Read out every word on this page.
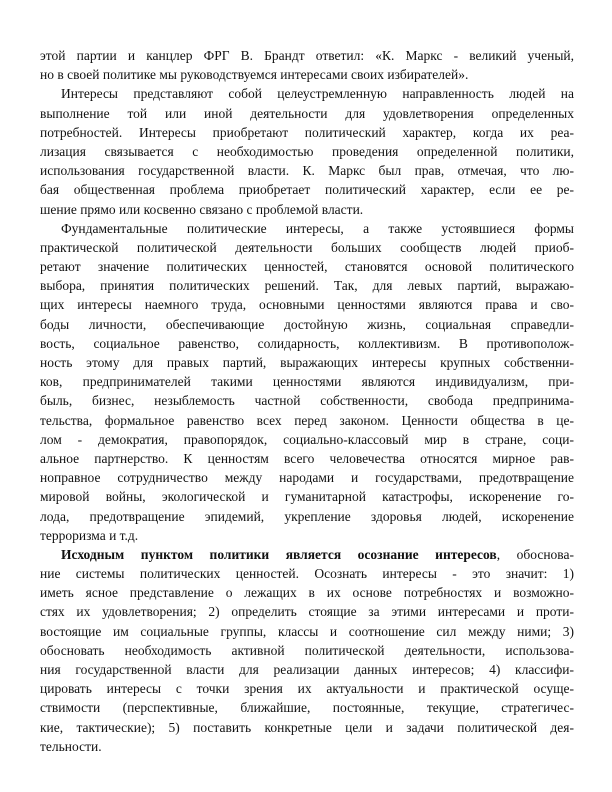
этой партии и канцлер ФРГ В. Брандт ответил: «К. Маркс - великий ученый,
но в своей политике мы руководствуемся интересами своих избирателей».
Интересы представляют собой целеустремленную направленность людей на
выполнение той или иной деятельности для удовлетворения определенных
потребностей. Интересы приобретают политический характер, когда их реа-
лизация связывается с необходимостью проведения определенной политики,
использования государственной власти. К. Маркс был прав, отмечая, что лю-
бая общественная проблема приобретает политический характер, если ее ре-
шение прямо или косвенно связано с проблемой власти.
Фундаментальные политические интересы, а также устоявшиеся формы
практической политической деятельности больших сообществ людей приоб-
ретают значение политических ценностей, становятся основой политического
выбора, принятия политических решений. Так, для левых партий, выражаю-
щих интересы наемного труда, основными ценностями являются права и сво-
боды личности, обеспечивающие достойную жизнь, социальная справедли-
вость, социальное равенство, солидарность, коллективизм. В противополож-
ность этому для правых партий, выражающих интересы крупных собственни-
ков, предпринимателей такими ценностями являются индивидуализм, при-
быль, бизнес, незыблемость частной собственности, свобода предпринима-
тельства, формальное равенство всех перед законом. Ценности общества в це-
лом - демократия, правопорядок, социально-классовый мир в стране, соци-
альное партнерство. К ценностям всего человечества относятся мирное рав-
ноправное сотрудничество между народами и государствами, предотвращение
мировой войны, экологической и гуманитарной катастрофы, искоренение го-
лода, предотвращение эпидемий, укрепление здоровья людей, искоренение
терроризма и т.д.
Исходным пунктом политики является осознание интересов, обоснова-
ние системы политических ценностей. Осознать интересы - это значит: 1)
иметь ясное представление о лежащих в их основе потребностях и возможно-
стях их удовлетворения; 2) определить стоящие за этими интересами и проти-
востоящие им социальные группы, классы и соотношение сил между ними; 3)
обосновать необходимость активной политической деятельности, использова-
ния государственной власти для реализации данных интересов; 4) классифи-
цировать интересы с точки зрения их актуальности и практической осуще-
ствимости (перспективные, ближайшие, постоянные, текущие, стратегичес-
кие, тактические); 5) поставить конкретные цели и задачи политической дея-
тельности.
